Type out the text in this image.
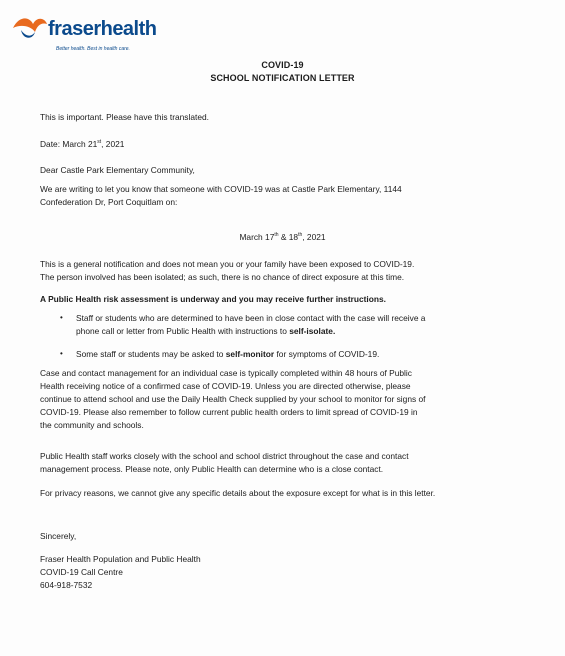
fraserhealth
Better health. Best in health care.
COVID-19
SCHOOL NOTIFICATION LETTER
This is important. Please have this translated.
Date: March 21st, 2021
Dear Castle Park Elementary Community,
We are writing to let you know that someone with COVID-19 was at Castle Park Elementary, 1144
Confederation Dr, Port Coquitlam on:
March 17th & 18th, 2021
This is a general notification and does not mean you or your family have been exposed to COVID-19.
The person involved has been isolated; as such, there is no chance of direct exposure at this time.
A Public Health risk assessment is underway and you may receive further instructions.
• Staff or students who are determined to have been in close contact with the case will receive a
phone call or letter from Public Health with instructions to self-isolate.
• Some staff or students may be asked to self-monitor for symptoms of COVID-19.
Case and contact management for an individual case is typically completed within 48 hours of Public
Health receiving notice of a confirmed case of COVID-19. Unless you are directed otherwise, please
continue to attend school and use the Daily Health Check supplied by your school to monitor for signs of
COVID-19. Please also remember to follow current public health orders to limit spread of COVID-19 in
the community and schools.
Public Health staff works closely with the school and school district throughout the case and contact
management process. Please note, only Public Health can determine who is a close contact.
For privacy reasons, we cannot give any specific details about the exposure except for what is in this letter.
Sincerely,
Fraser Health Population and Public Health
COVID-19 Call Centre
604-918-7532
